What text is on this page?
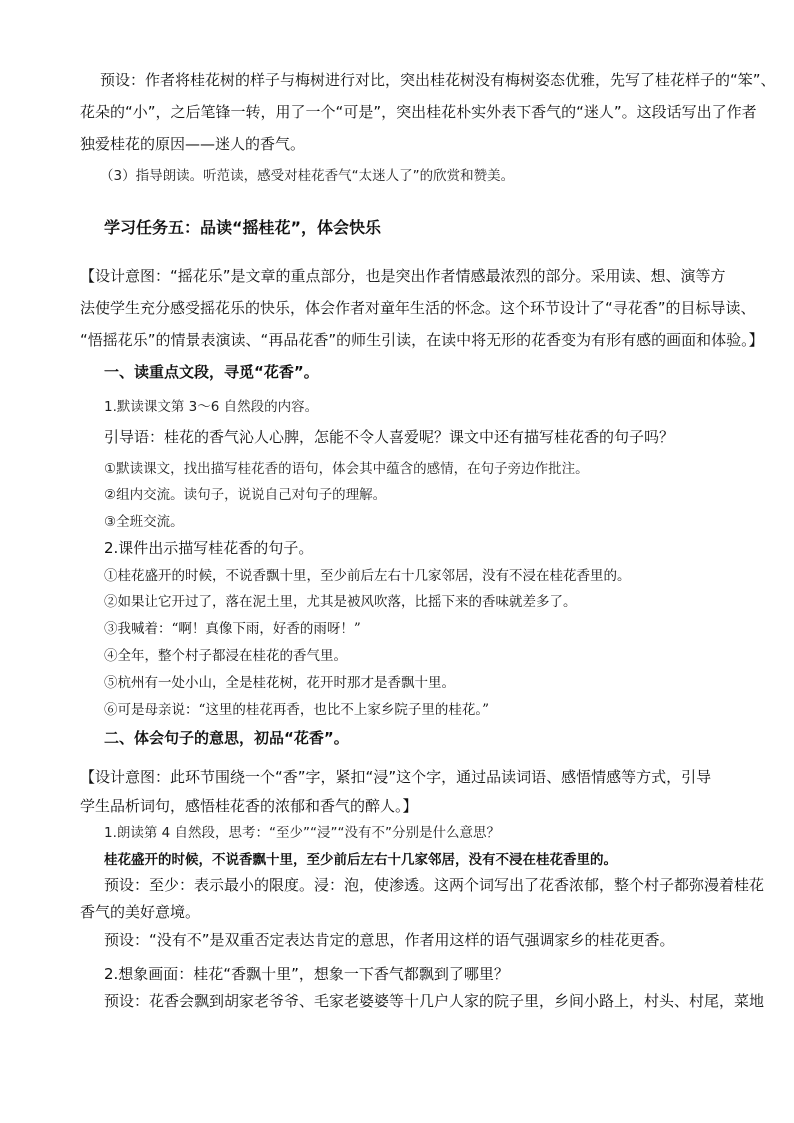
预设：作者将桂花树的样子与梅树进行对比，突出桂花树没有梅树姿态优雅，先写了桂花样子的“笨”、
花朵的“小”，之后笔锋一转，用了一个“可是”，突出桂花朴实外表下香气的“迷人”。这段话写出了作者
独爱桂花的原因——迷人的香气。
（3）指导朗读。听范读，感受对桂花香气“太迷人了”的欣赏和赞美。
学习任务五：品读“摇桂花”，体会快乐
【设计意图：“摇花乐”是文章的重点部分，也是突出作者情感最浓烈的部分。采用读、想、演等方
法使学生充分感受摇花乐的快乐，体会作者对童年生活的怀念。这个环节设计了“寻花香”的目标导读、
“悟摇花乐”的情景表演读、“再品花香”的师生引读，在读中将无形的花香变为有形有感的画面和体验。】
一、读重点文段，寻觅“花香”。
1.默读课文第 3～6 自然段的内容。
引导语：桂花的香气沁人心脾，怎能不令人喜爱呢？课文中还有描写桂花香的句子吗？
①默读课文，找出描写桂花香的语句，体会其中蕴含的感情，在句子旁边作批注。
②组内交流。读句子，说说自己对句子的理解。
③全班交流。
2.课件出示描写桂花香的句子。
①桂花盛开的时候，不说香飘十里，至少前后左右十几家邻居，没有不浸在桂花香里的。
②如果让它开过了，落在泥土里，尤其是被风吹落，比摇下来的香味就差多了。
③我喊着：“啊！真像下雨，好香的雨呀！”
④全年，整个村子都浸在桂花的香气里。
⑤杭州有一处小山，全是桂花树，花开时那才是香飘十里。
⑥可是母亲说：“这里的桂花再香，也比不上家乡院子里的桂花。”
二、体会句子的意思，初品“花香”。
【设计意图：此环节围绕一个“香”字，紧扣“浸”这个字，通过品读词语、感悟情感等方式，引导
学生品析词句，感悟桂花香的浓郁和香气的醉人。】
1.朗读第 4 自然段，思考：“至少”“浸”“没有不”分别是什么意思？
桂花盛开的时候，不说香飘十里，至少前后左右十几家邻居，没有不浸在桂花香里的。
预设：至少：表示最小的限度。浸：泡，使渗透。这两个词写出了花香浓郁，整个村子都弥漫着桂花
香气的美好意境。
预设：“没有不”是双重否定表达肯定的意思，作者用这样的语气强调家乡的桂花更香。
2.想象画面：桂花“香飘十里”，想象一下香气都飘到了哪里？
预设：花香会飘到胡家老爷爷、毛家老婆婆等十几户人家的院子里，乡间小路上，村头、村尾，菜地
